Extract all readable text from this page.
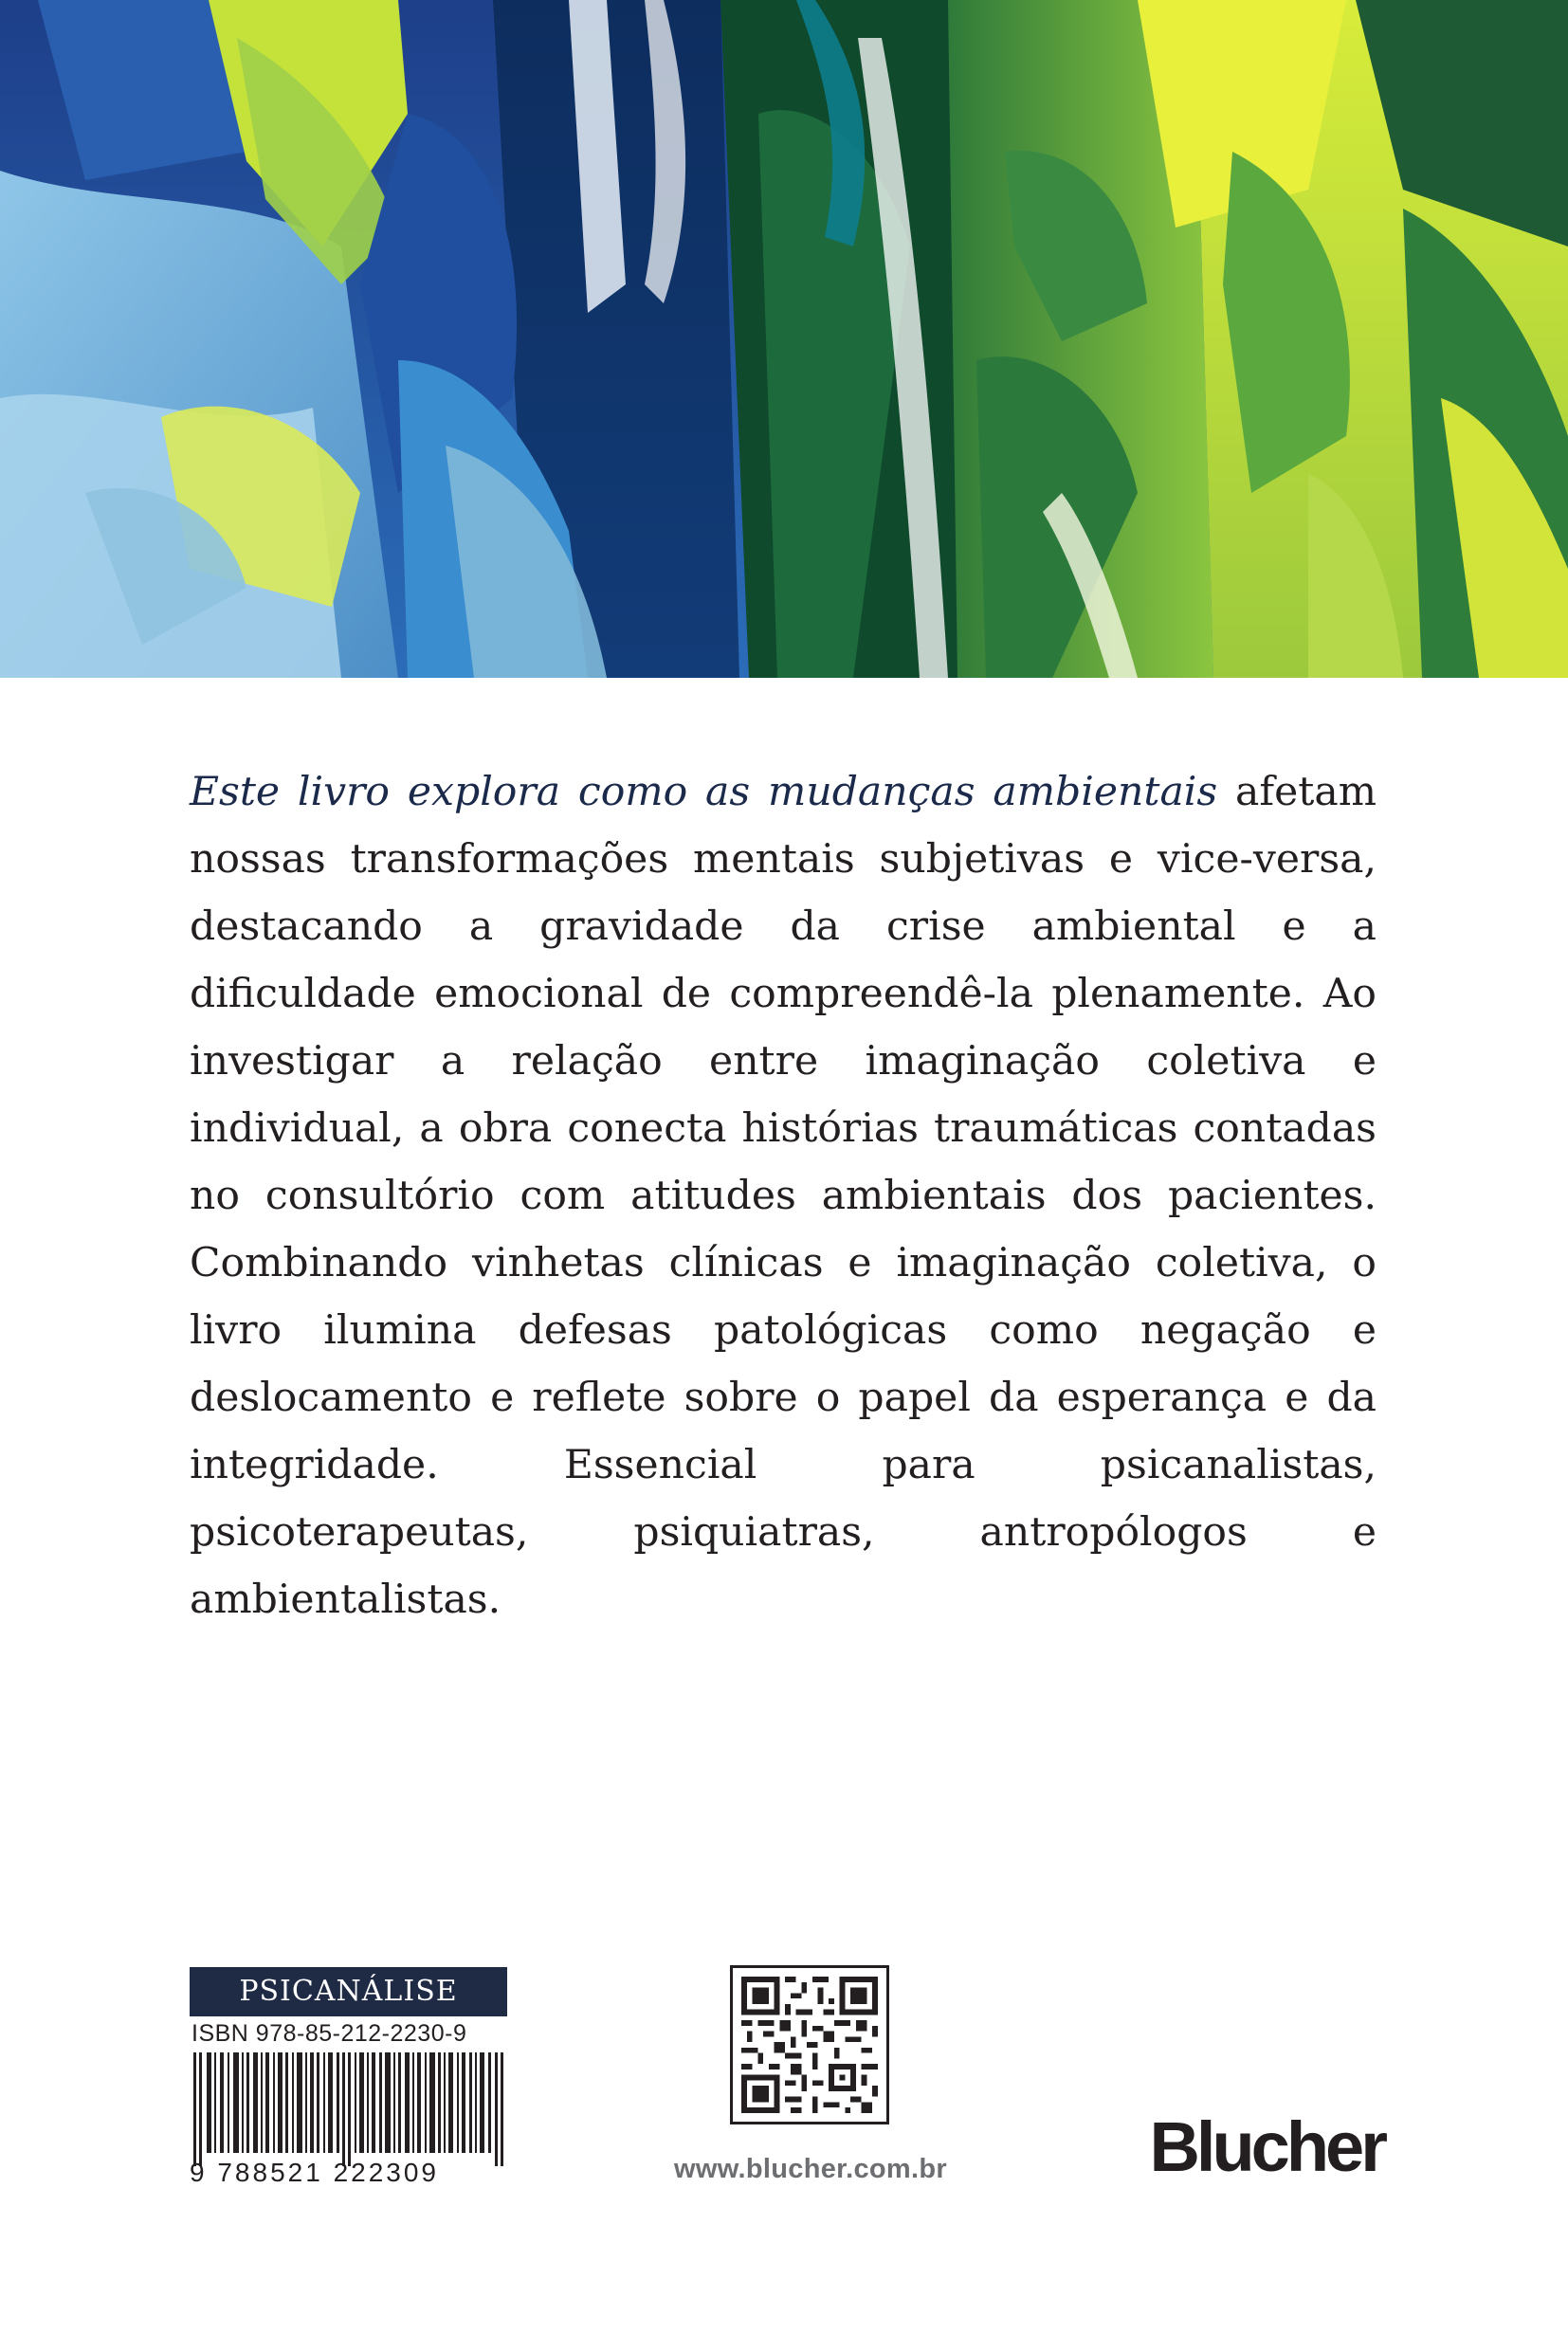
Este livro explora como as mudanças ambientais afetam nossas transformações mentais subjetivas e vice-versa, destacando a gravidade da crise ambiental e a dificuldade emocional de compreendê-la plenamente. Ao investigar a relação entre imaginação coletiva e individual, a obra conecta histórias traumáticas contadas no consultório com atitudes ambientais dos pacientes. Combinando vinhetas clínicas e imaginação coletiva, o livro ilumina defesas patológicas como negação e deslocamento e reflete sobre o papel da esperança e da integridade. Essencial para psicanalistas, psicoterapeutas, psiquiatras, antropólogos e ambientalistas.

PSICANÁLISE
ISBN 978-85-212-2230-9
9 788521 222309	www.blucher.com.br	Blucher
